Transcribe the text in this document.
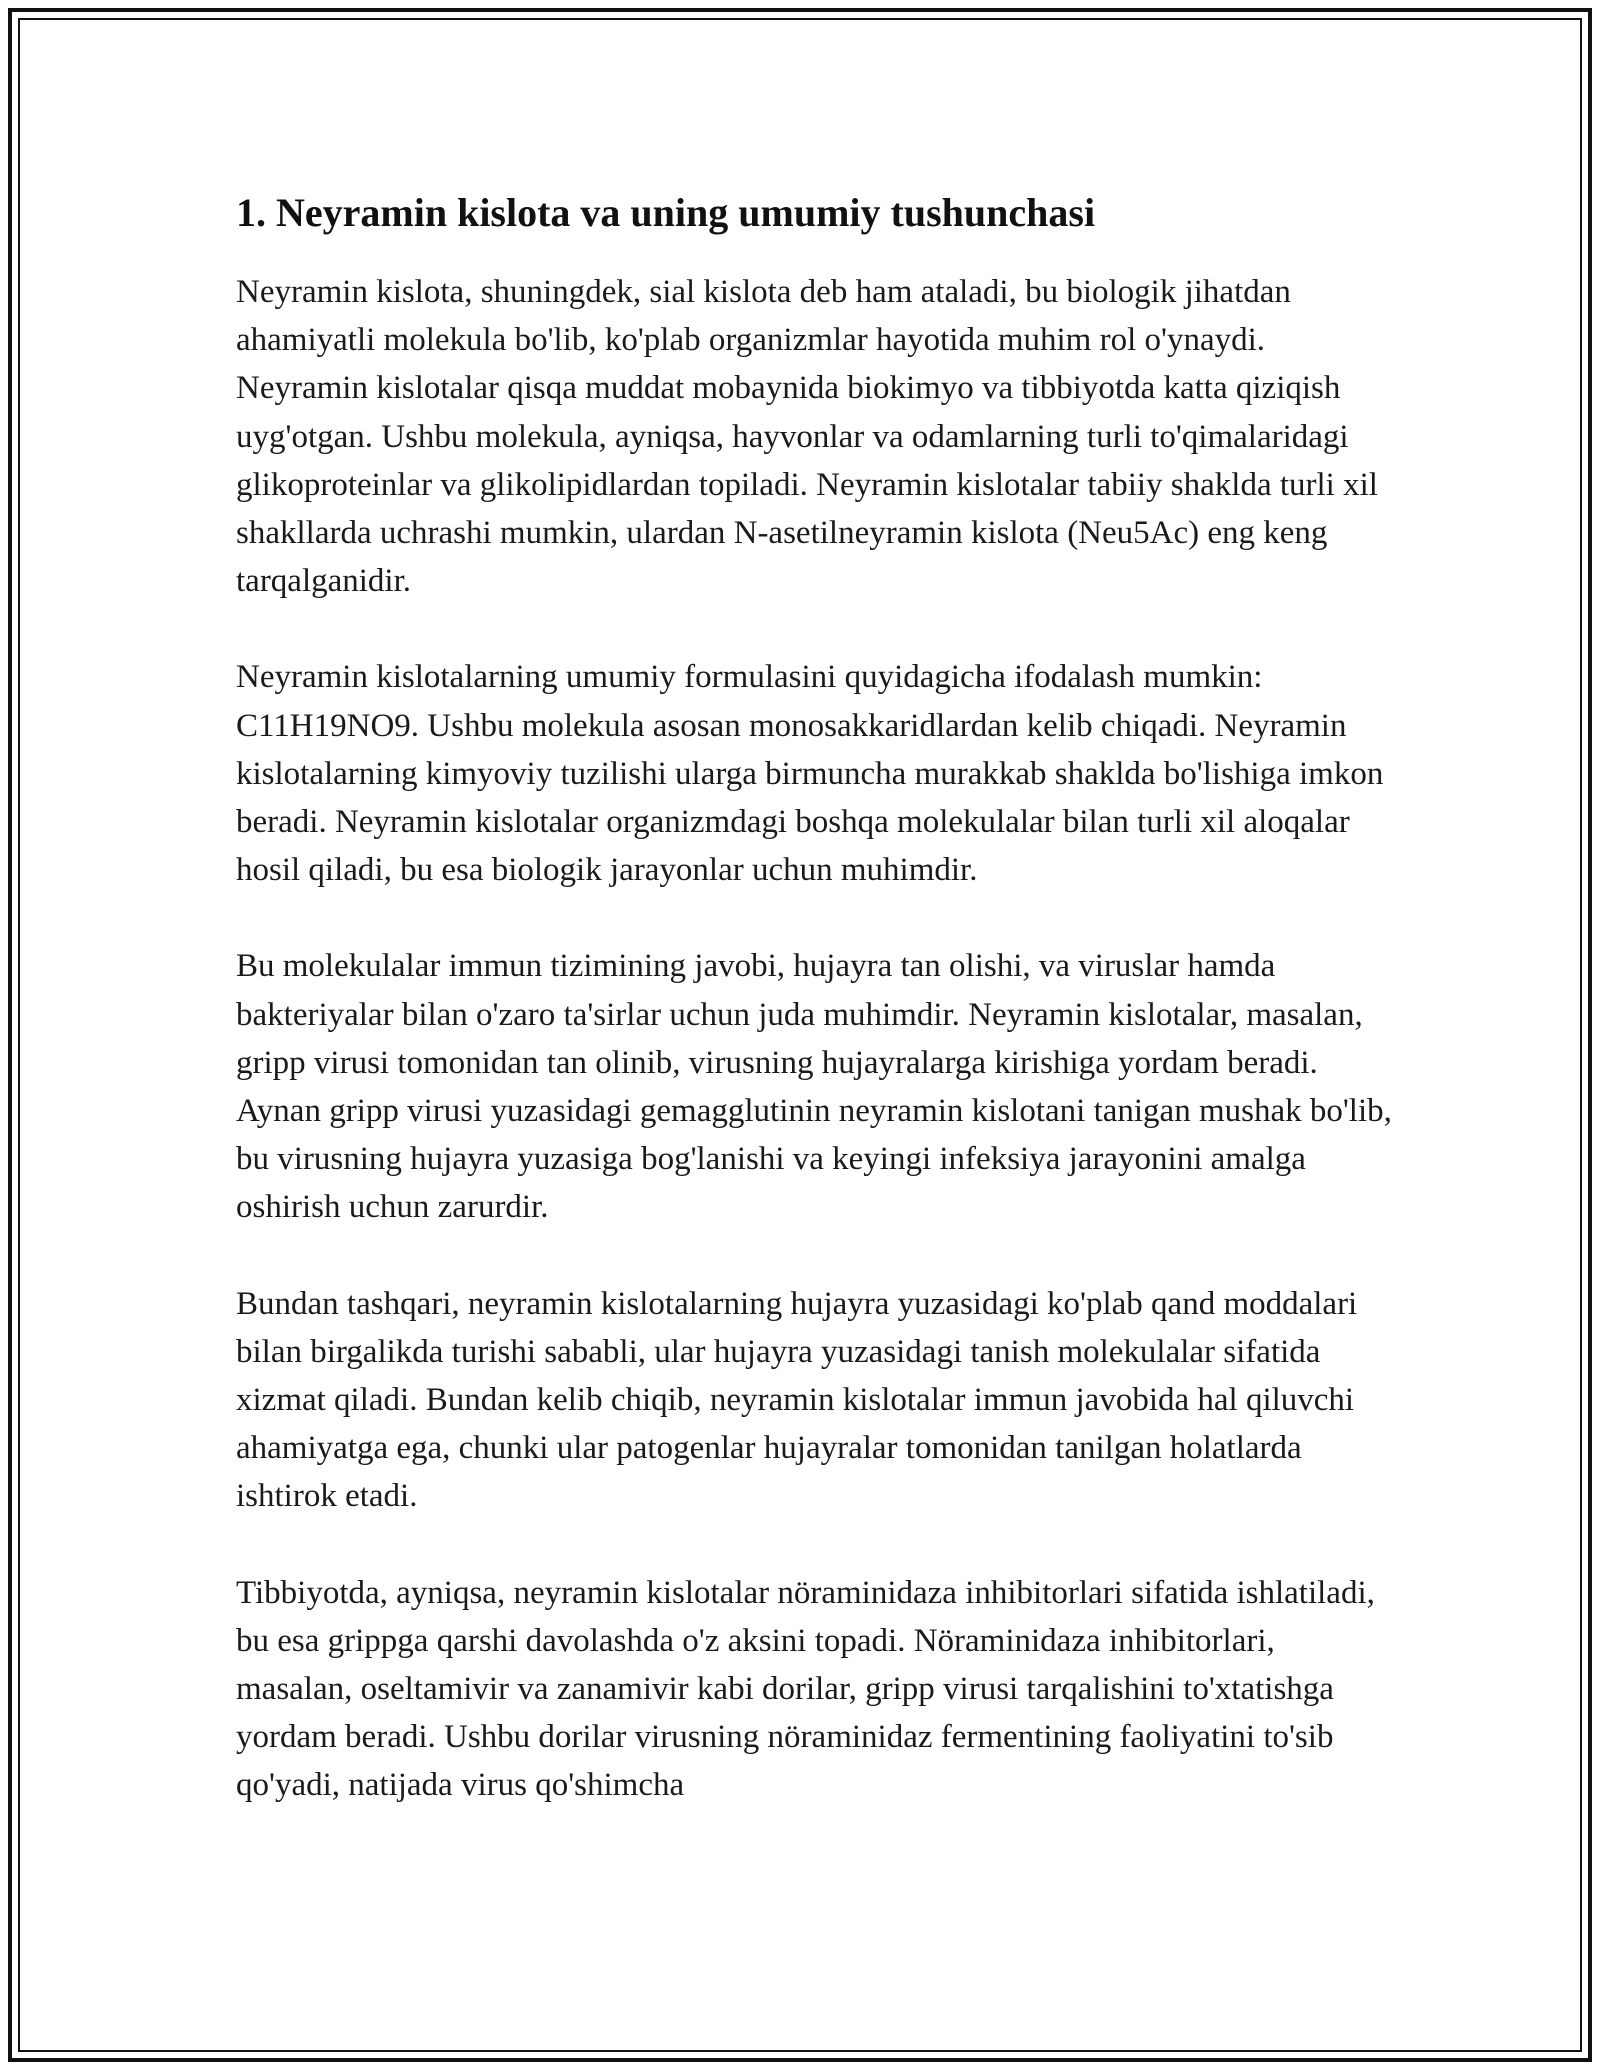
1. Neyramin kislota va uning umumiy tushunchasi

Neyramin kislota, shuningdek, sial kislota deb ham ataladi, bu biologik jihatdan ahamiyatli molekula bo'lib, ko'plab organizmlar hayotida muhim rol o'ynaydi. Neyramin kislotalar qisqa muddat mobaynida biokimyo va tibbiyotda katta qiziqish uyg'otgan. Ushbu molekula, ayniqsa, hayvonlar va odamlarning turli to'qimalaridagi glikoproteinlar va glikolipidlardan topiladi. Neyramin kislotalar tabiiy shaklda turli xil shakllarda uchrashi mumkin, ulardan N-asetilneyramin kislota (Neu5Ac) eng keng tarqalganidir.

Neyramin kislotalarning umumiy formulasini quyidagicha ifodalash mumkin: C11H19NO9. Ushbu molekula asosan monosakkaridlardan kelib chiqadi. Neyramin kislotalarning kimyoviy tuzilishi ularga birmuncha murakkab shaklda bo'lishiga imkon beradi. Neyramin kislotalar organizmdagi boshqa molekulalar bilan turli xil aloqalar hosil qiladi, bu esa biologik jarayonlar uchun muhimdir.

Bu molekulalar immun tizimining javobi, hujayra tan olishi, va viruslar hamda bakteriyalar bilan o'zaro ta'sirlar uchun juda muhimdir. Neyramin kislotalar, masalan, gripp virusi tomonidan tan olinib, virusning hujayralarga kirishiga yordam beradi. Aynan gripp virusi yuzasidagi gemagglutinin neyramin kislotani tanigan mushak bo'lib, bu virusning hujayra yuzasiga bog'lanishi va keyingi infeksiya jarayonini amalga oshirish uchun zarurdir.

Bundan tashqari, neyramin kislotalarning hujayra yuzasidagi ko'plab qand moddalari bilan birgalikda turishi sababli, ular hujayra yuzasidagi tanish molekulalar sifatida xizmat qiladi. Bundan kelib chiqib, neyramin kislotalar immun javobida hal qiluvchi ahamiyatga ega, chunki ular patogenlar hujayralar tomonidan tanilgan holatlarda ishtirok etadi.

Tibbiyotda, ayniqsa, neyramin kislotalar nöraminidaza inhibitorlari sifatida ishlatiladi, bu esa grippga qarshi davolashda o'z aksini topadi. Nöraminidaza inhibitorlari, masalan, oseltamivir va zanamivir kabi dorilar, gripp virusi tarqalishini to'xtatishga yordam beradi. Ushbu dorilar virusning nöraminidaz fermentining faoliyatini to'sib qo'yadi, natijada virus qo'shimcha
